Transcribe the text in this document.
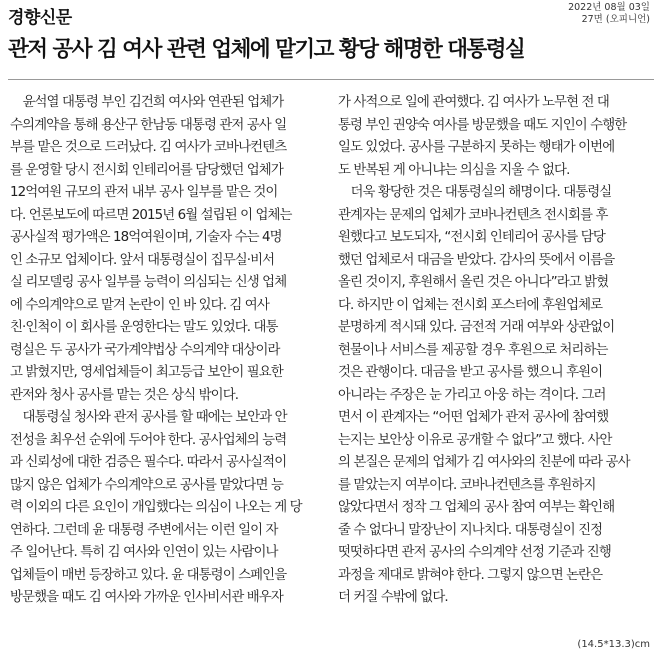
경향신문
2022년 08월 03일
27면 (오피니언)
관저 공사 김 여사 관련 업체에 맡기고 황당 해명한 대통령실
　윤석열 대통령 부인 김건희 여사와 연관된 업체가
수의계약을 통해 용산구 한남동 대통령 관저 공사 일
부를 맡은 것으로 드러났다. 김 여사가 코바나컨텐츠
를 운영할 당시 전시회 인테리어를 담당했던 업체가
12억여원 규모의 관저 내부 공사 일부를 맡은 것이
다. 언론보도에 따르면 2015년 6월 설립된 이 업체는
공사실적 평가액은 18억여원이며, 기술자 수는 4명
인 소규모 업체이다. 앞서 대통령실이 집무실·비서
실 리모델링 공사 일부를 능력이 의심되는 신생 업체
에 수의계약으로 맡겨 논란이 인 바 있다. 김 여사
친·인척이 이 회사를 운영한다는 말도 있었다. 대통
령실은 두 공사가 국가계약법상 수의계약 대상이라
고 밝혔지만, 영세업체들이 최고등급 보안이 필요한
관저와 청사 공사를 맡는 것은 상식 밖이다.
　대통령실 청사와 관저 공사를 할 때에는 보안과 안
전성을 최우선 순위에 두어야 한다. 공사업체의 능력
과 신뢰성에 대한 검증은 필수다. 따라서 공사실적이
많지 않은 업체가 수의계약으로 공사를 맡았다면 능
력 이외의 다른 요인이 개입했다는 의심이 나오는 게 당
연하다. 그런데 윤 대통령 주변에서는 이런 일이 자
주 일어난다. 특히 김 여사와 인연이 있는 사람이나
업체들이 매번 등장하고 있다. 윤 대통령이 스페인을
방문했을 때도 김 여사와 가까운 인사비서관 배우자
가 사적으로 일에 관여했다. 김 여사가 노무현 전 대
통령 부인 권양숙 여사를 방문했을 때도 지인이 수행한
일도 있었다. 공사를 구분하지 못하는 행태가 이번에
도 반복된 게 아니냐는 의심을 지울 수 없다.
　더욱 황당한 것은 대통령실의 해명이다. 대통령실
관계자는 문제의 업체가 코바나컨텐츠 전시회를 후
원했다고 보도되자, “전시회 인테리어 공사를 담당
했던 업체로서 대금을 받았다. 감사의 뜻에서 이름을
올린 것이지, 후원해서 올린 것은 아니다”라고 밝혔
다. 하지만 이 업체는 전시회 포스터에 후원업체로
분명하게 적시돼 있다. 금전적 거래 여부와 상관없이
현물이나 서비스를 제공할 경우 후원으로 처리하는
것은 관행이다. 대금을 받고 공사를 했으니 후원이
아니라는 주장은 눈 가리고 아웅 하는 격이다. 그러
면서 이 관계자는 “어떤 업체가 관저 공사에 참여했
는지는 보안상 이유로 공개할 수 없다”고 했다. 사안
의 본질은 문제의 업체가 김 여사와의 친분에 따라 공사
를 맡았는지 여부이다. 코바나컨텐츠를 후원하지
않았다면서 정작 그 업체의 공사 참여 여부는 확인해
줄 수 없다니 말장난이 지나치다. 대통령실이 진정
떳떳하다면 관저 공사의 수의계약 선정 기준과 진행
과정을 제대로 밝혀야 한다. 그렇지 않으면 논란은
더 커질 수밖에 없다.
(14.5*13.3)cm
